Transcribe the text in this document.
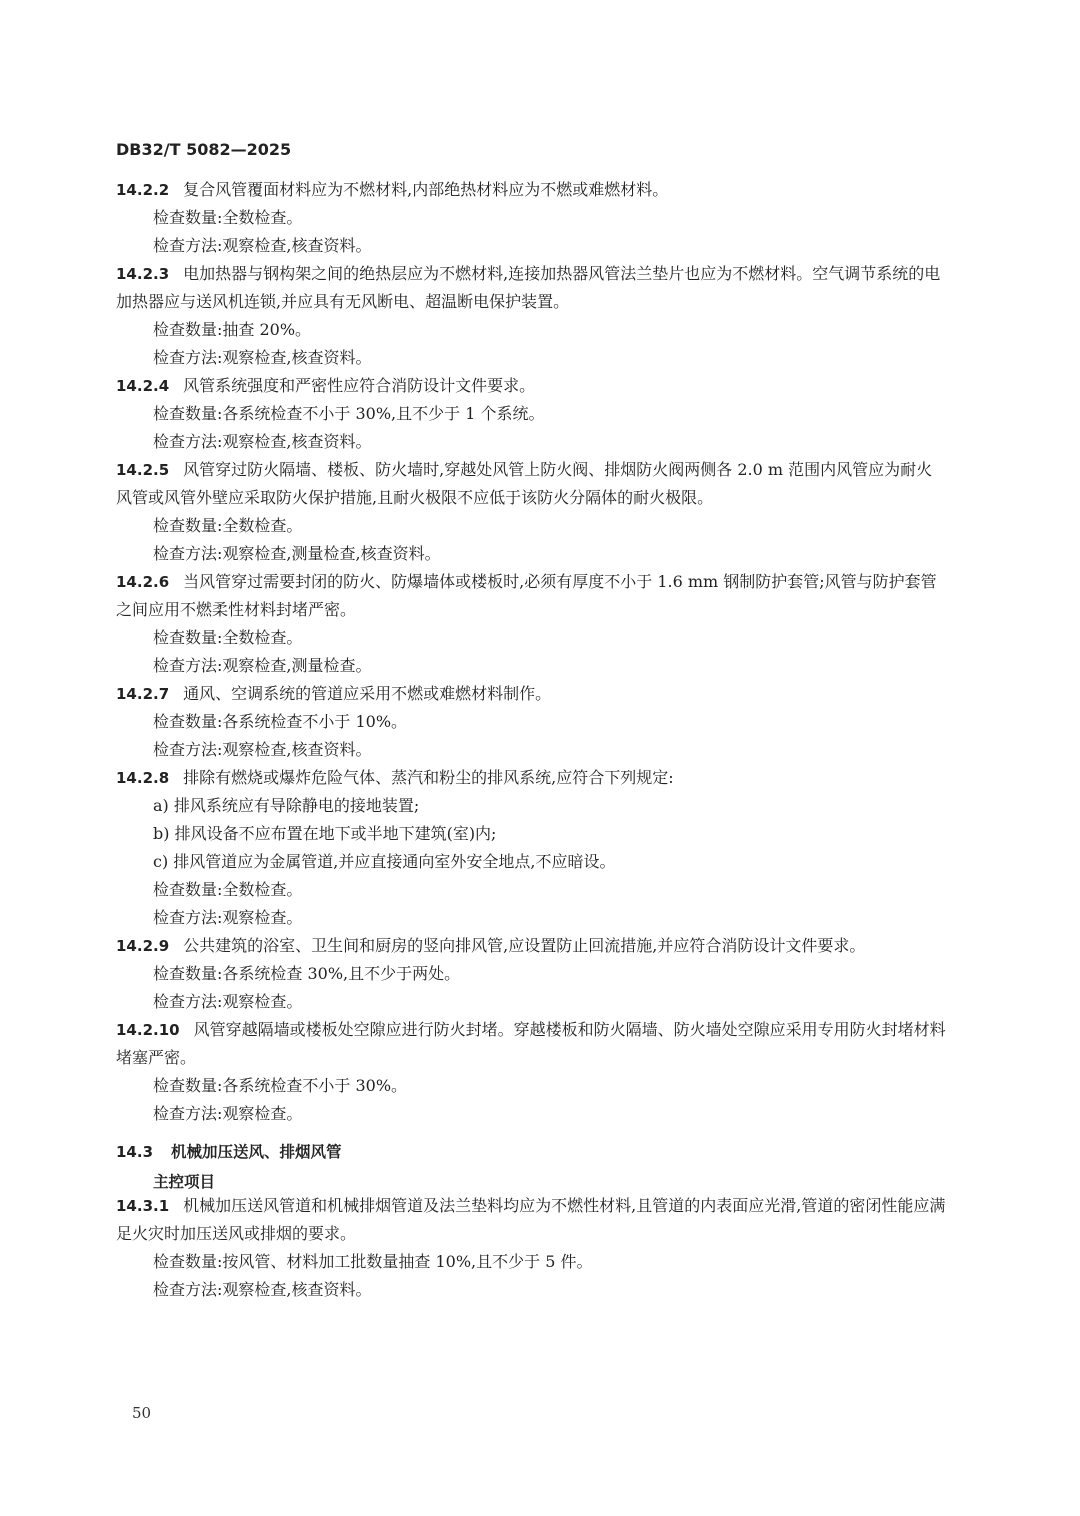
DB32/T 5082—2025
14.2.2 复合风管覆面材料应为不燃材料,内部绝热材料应为不燃或难燃材料。
检查数量:全数检查。
检查方法:观察检查,核查资料。
14.2.3 电加热器与钢构架之间的绝热层应为不燃材料,连接加热器风管法兰垫片也应为不燃材料。空气调节系统的电加热器应与送风机连锁,并应具有无风断电、超温断电保护装置。
检查数量:抽查 20%。
检查方法:观察检查,核查资料。
14.2.4 风管系统强度和严密性应符合消防设计文件要求。
检查数量:各系统检查不小于 30%,且不少于 1 个系统。
检查方法:观察检查,核查资料。
14.2.5 风管穿过防火隔墙、楼板、防火墙时,穿越处风管上防火阀、排烟防火阀两侧各 2.0 m 范围内风管应为耐火风管或风管外壁应采取防火保护措施,且耐火极限不应低于该防火分隔体的耐火极限。
检查数量:全数检查。
检查方法:观察检查,测量检查,核查资料。
14.2.6 当风管穿过需要封闭的防火、防爆墙体或楼板时,必须有厚度不小于 1.6 mm 钢制防护套管;风管与防护套管之间应用不燃柔性材料封堵严密。
检查数量:全数检查。
检查方法:观察检查,测量检查。
14.2.7 通风、空调系统的管道应采用不燃或难燃材料制作。
检查数量:各系统检查不小于 10%。
检查方法:观察检查,核查资料。
14.2.8 排除有燃烧或爆炸危险气体、蒸汽和粉尘的排风系统,应符合下列规定:
a) 排风系统应有导除静电的接地装置;
b) 排风设备不应布置在地下或半地下建筑(室)内;
c) 排风管道应为金属管道,并应直接通向室外安全地点,不应暗设。
检查数量:全数检查。
检查方法:观察检查。
14.2.9 公共建筑的浴室、卫生间和厨房的竖向排风管,应设置防止回流措施,并应符合消防设计文件要求。
检查数量:各系统检查 30%,且不少于两处。
检查方法:观察检查。
14.2.10 风管穿越隔墙或楼板处空隙应进行防火封堵。穿越楼板和防火隔墙、防火墙处空隙应采用专用防火封堵材料堵塞严密。
检查数量:各系统检查不小于 30%。
检查方法:观察检查。
14.3 机械加压送风、排烟风管
主控项目
14.3.1 机械加压送风管道和机械排烟管道及法兰垫料均应为不燃性材料,且管道的内表面应光滑,管道的密闭性能应满足火灾时加压送风或排烟的要求。
检查数量:按风管、材料加工批数量抽查 10%,且不少于 5 件。
检查方法:观察检查,核查资料。
50
